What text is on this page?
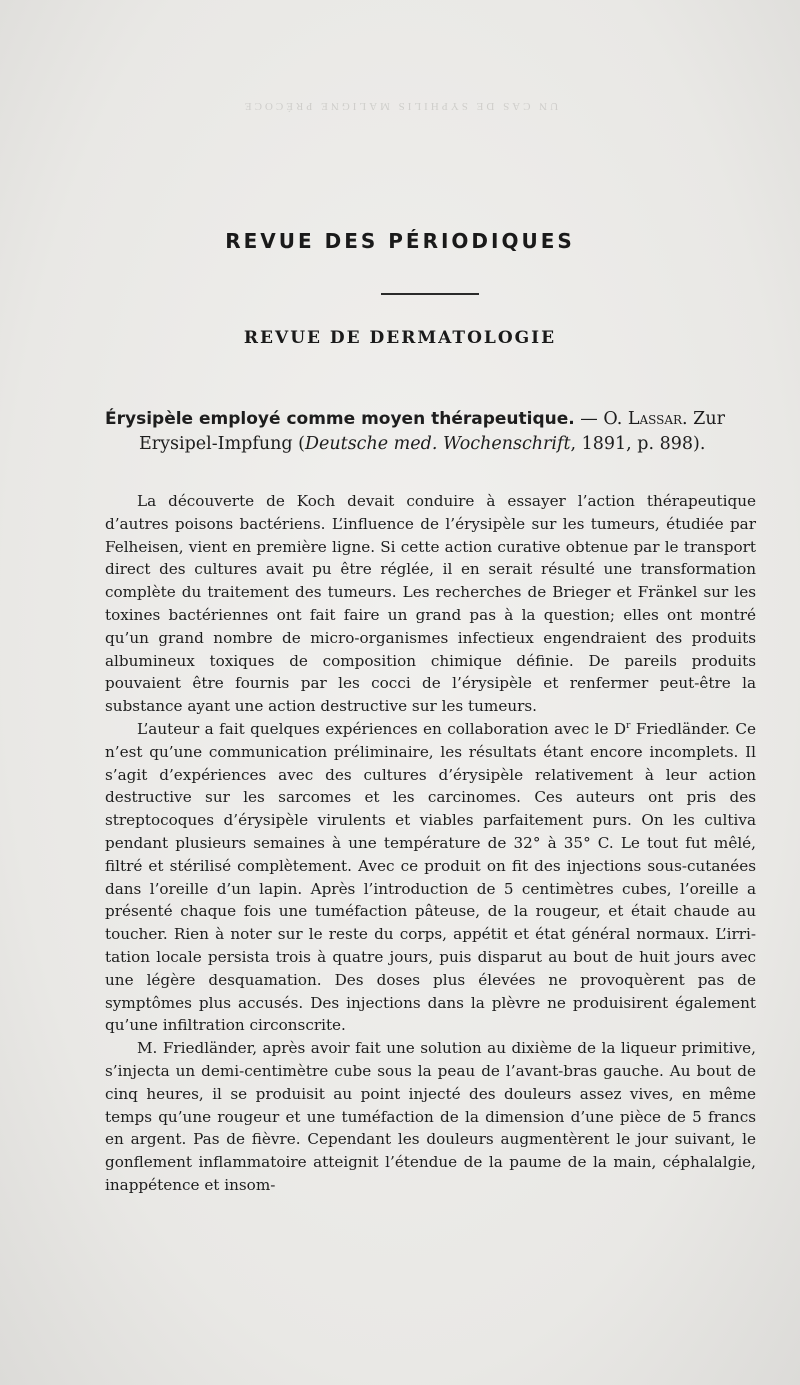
UN CAS DE SYPHILIS MALIGNE PRÉCOCE
REVUE DES PÉRIODIQUES
REVUE DE DERMATOLOGIE
Érysipèle employé comme moyen thérapeutique. — O. Lassar. Zur
Erysipel-Impfung (Deutsche med. Wochenschrift, 1891, p. 898).

La découverte de Koch devait conduire à essayer l’action thérapeutique d’autres poisons bactériens. L’influence de l’érysipèle sur les tumeurs, étudiée par Felheisen, vient en première ligne. Si cette action curative obtenue par le transport direct des cultures avait pu être réglée, il en serait résulté une transformation complète du traitement des tumeurs. Les recherches de Brieger et Fränkel sur les toxines bactériennes ont fait faire un grand pas à la question; elles ont montré qu’un grand nombre de micro-organismes infectieux engendraient des produits albumineux toxiques de composition chimique définie. De pareils produits pouvaient être fournis par les cocci de l’érysipèle et renfermer peut-être la substance ayant une action destructive sur les tumeurs.

L’auteur a fait quelques expériences en collaboration avec le $D^r$ Friedländer. Ce n’est qu’une communication préliminaire, les résultats étant encore incomplets. Il s’agit d’expériences avec des cultures d’érysipèle relativement à leur action destructive sur les sarcomes et les carcinomes. Ces auteurs ont pris des streptocoques d’érysipèle virulents et viables parfaitement purs. On les cultiva pendant plusieurs semaines à une température de 32° à 35° C. Le tout fut mêlé, filtré et stérilisé complètement. Avec ce produit on fit des injections sous-cutanées dans l’oreille d’un lapin. Après l’introduction de 5 centimètres cubes, l’oreille a présenté chaque fois une tuméfaction pâteuse, de la rougeur, et était chaude au toucher. Rien à noter sur le reste du corps, appétit et état général normaux. L’irritation locale persista trois à quatre jours, puis disparut au bout de huit jours avec une légère desquamation. Des doses plus élevées ne provoquèrent pas de symptômes plus accusés. Des injections dans la plèvre ne produisirent également qu’une infiltration circonscrite.

M. Friedländer, après avoir fait une solution au dixième de la liqueur primitive, s’injecta un demi-centimètre cube sous la peau de l’avant-bras gauche. Au bout de cinq heures, il se produisit au point injecté des douleurs assez vives, en même temps qu’une rougeur et une tuméfaction de la dimension d’une pièce de 5 francs en argent. Pas de fièvre. Cependant les douleurs augmentèrent le jour suivant, le gonflement inflammatoire atteignit l’étendue de la paume de la main, céphalalgie, inappétence et insom-
